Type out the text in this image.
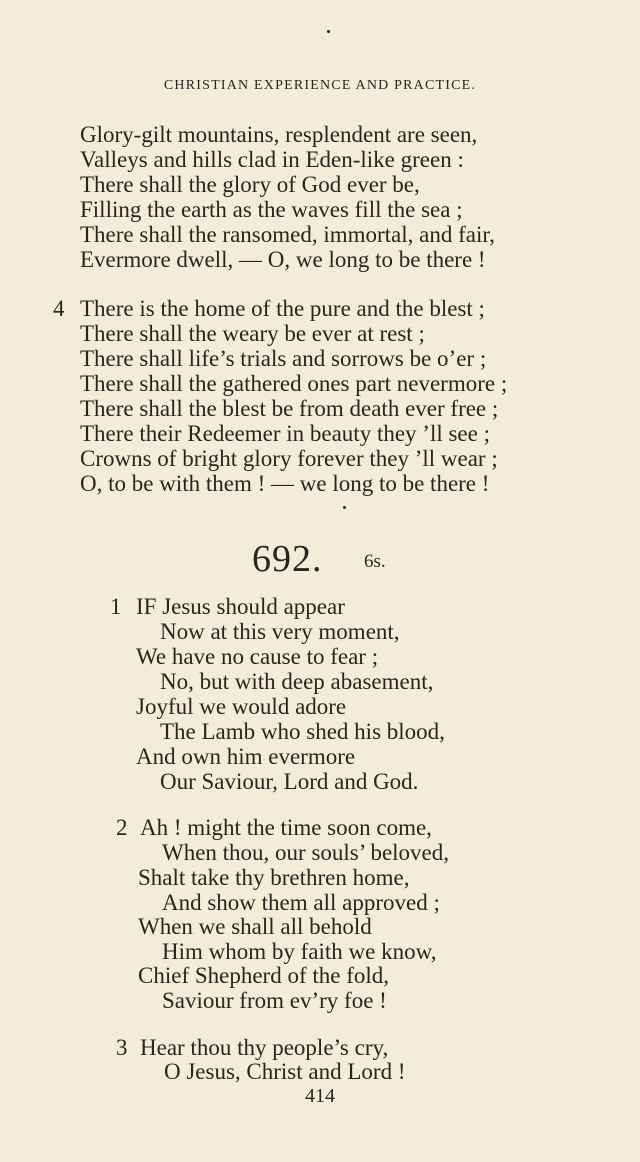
CHRISTIAN EXPERIENCE AND PRACTICE.
Glory-gilt mountains, resplendent are seen,
Valleys and hills clad in Eden-like green :
There shall the glory of God ever be,
Filling the earth as the waves fill the sea ;
There shall the ransomed, immortal, and fair,
Evermore dwell, — O, we long to be there !
4 There is the home of the pure and the blest ;
There shall the weary be ever at rest ;
There shall life’s trials and sorrows be o’er ;
There shall the gathered ones part nevermore ;
There shall the blest be from death ever free ;
There their Redeemer in beauty they ’ll see ;
Crowns of bright glory forever they ’ll wear ;
O, to be with them ! — we long to be there !
692. 6s.
1 IF Jesus should appear
Now at this very moment,
We have no cause to fear ;
No, but with deep abasement,
Joyful we would adore
The Lamb who shed his blood,
And own him evermore
Our Saviour, Lord and God.
2 Ah ! might the time soon come,
When thou, our souls’ beloved,
Shalt take thy brethren home,
And show them all approved ;
When we shall all behold
Him whom by faith we know,
Chief Shepherd of the fold,
Saviour from ev’ry foe !
3 Hear thou thy people’s cry,
O Jesus, Christ and Lord !
414
